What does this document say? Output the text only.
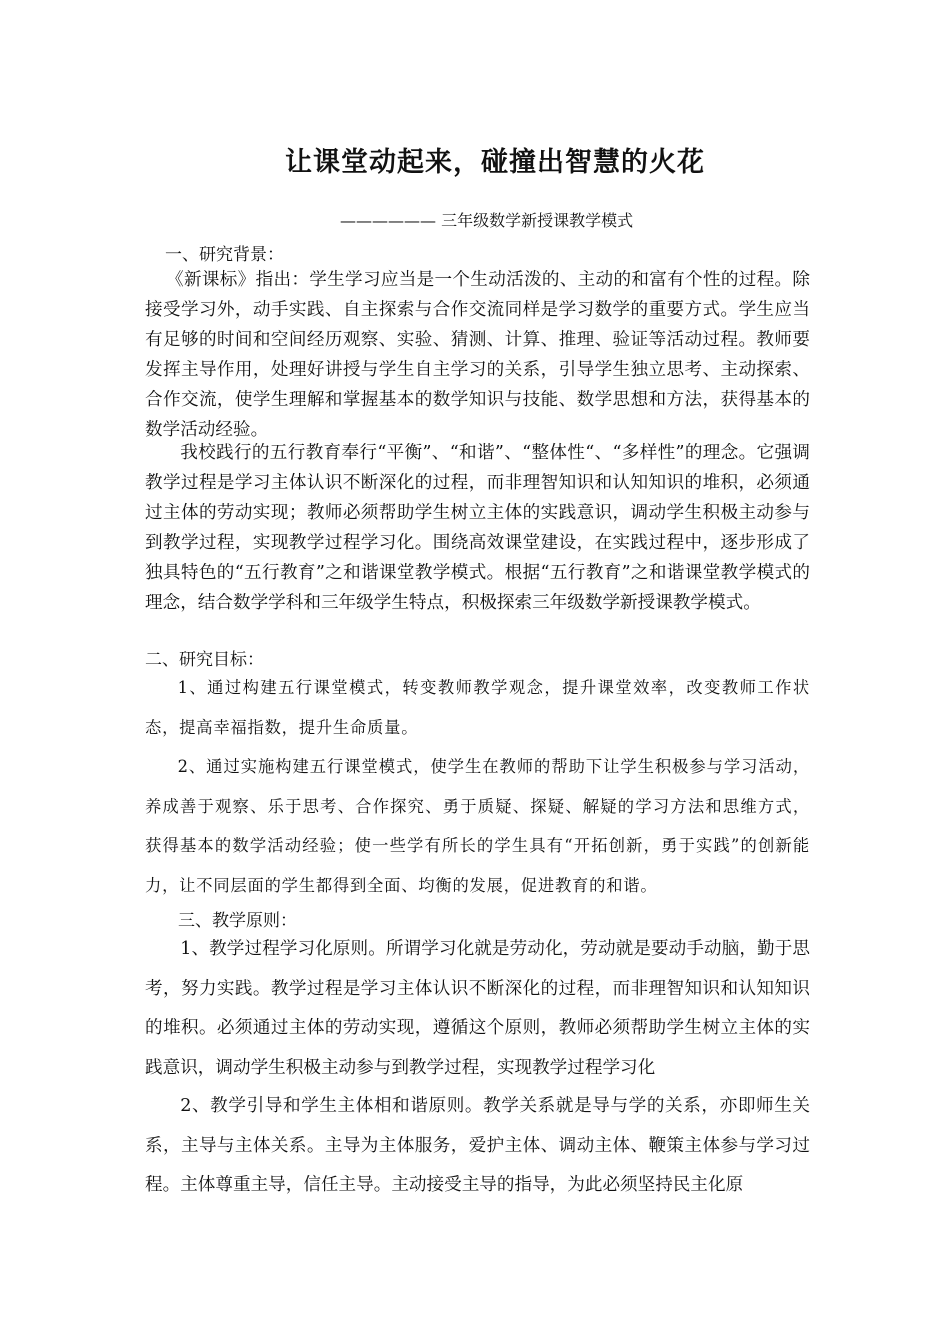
让课堂动起来，碰撞出智慧的火花
—————— 三年级数学新授课教学模式
一、研究背景：
《新课标》指出：学生学习应当是一个生动活泼的、主动的和富有个性的过程。除接受学习外，动手实践、自主探索与合作交流同样是学习数学的重要方式。学生应当有足够的时间和空间经历观察、实验、猜测、计算、推理、验证等活动过程。教师要发挥主导作用，处理好讲授与学生自主学习的关系，引导学生独立思考、主动探索、合作交流，使学生理解和掌握基本的数学知识与技能、数学思想和方法，获得基本的数学活动经验。
我校践行的五行教育奉行“平衡”、“和谐”、“整体性“、“多样性”的理念。它强调教学过程是学习主体认识不断深化的过程，而非理智知识和认知知识的堆积，必须通过主体的劳动实现；教师必须帮助学生树立主体的实践意识，调动学生积极主动参与到教学过程，实现教学过程学习化。围绕高效课堂建设，在实践过程中，逐步形成了独具特色的“五行教育”之和谐课堂教学模式。根据“五行教育”之和谐课堂教学模式的理念，结合数学学科和三年级学生特点，积极探索三年级数学新授课教学模式。
二、研究目标：
1、通过构建五行课堂模式，转变教师教学观念，提升课堂效率，改变教师工作状态，提高幸福指数，提升生命质量。
2、通过实施构建五行课堂模式，使学生在教师的帮助下让学生积极参与学习活动，养成善于观察、乐于思考、合作探究、勇于质疑、探疑、解疑的学习方法和思维方式，获得基本的数学活动经验；使一些学有所长的学生具有“开拓创新，勇于实践”的创新能力，让不同层面的学生都得到全面、均衡的发展，促进教育的和谐。
三、教学原则：
1、教学过程学习化原则。所谓学习化就是劳动化，劳动就是要动手动脑，勤于思考，努力实践。教学过程是学习主体认识不断深化的过程，而非理智知识和认知知识的堆积。必须通过主体的劳动实现，遵循这个原则，教师必须帮助学生树立主体的实践意识，调动学生积极主动参与到教学过程，实现教学过程学习化
2、教学引导和学生主体相和谐原则。教学关系就是导与学的关系，亦即师生关系，主导与主体关系。主导为主体服务，爱护主体、调动主体、鞭策主体参与学习过程。主体尊重主导，信任主导。主动接受主导的指导，为此必须坚持民主化原
